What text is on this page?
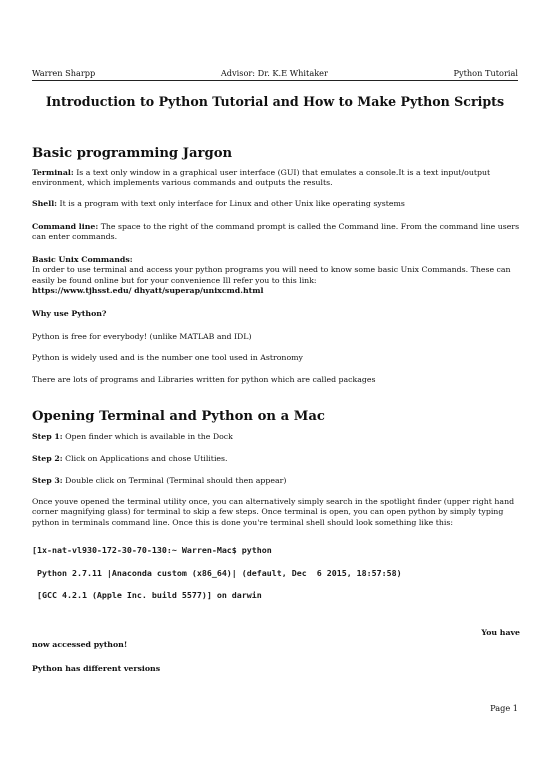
Warren Sharpp	Advisor: Dr. K.E Whitaker	Python Tutorial
Introduction to Python Tutorial and How to Make Python Scripts
Basic programming Jargon
Terminal: Is a text only window in a graphical user interface (GUI) that emulates a console.It is a text input/output environment, which implements various commands and outputs the results.
Shell: It is a program with text only interface for Linux and other Unix like operating systems
Command line: The space to the right of the command prompt is called the Command line. From the command line users can enter commands.
Basic Unix Commands:
In order to use terminal and access your python programs you will need to know some basic Unix Commands. These can easily be found online but for your convenience Ill refer you to this link:
https://www.tjhsst.edu/ dhyatt/superap/unixcmd.html
Why use Python?
Python is free for everybody! (unlike MATLAB and IDL)
Python is widely used and is the number one tool used in Astronomy
There are lots of programs and Libraries written for python which are called packages
Opening Terminal and Python on a Mac
Step 1: Open finder which is available in the Dock
Step 2: Click on Applications and chose Utilities.
Step 3: Double click on Terminal (Terminal should then appear)
Once youve opened the terminal utility once, you can alternatively simply search in the spotlight finder (upper right hand corner magnifying glass) for terminal to skip a few steps. Once terminal is open, you can open python by simply typing python in terminals command line. Once this is done you're terminal shell should look something like this:

[1x-nat-vl930-172-30-70-130:~ Warren-Mac$ python

Python 2.7.11 |Anaconda custom (x86_64)| (default, Dec  6 2015, 18:57:58)

[GCC 4.2.1 (Apple Inc. build 5577)] on darwin

You have
now accessed python!
Python has different versions
Page 1
